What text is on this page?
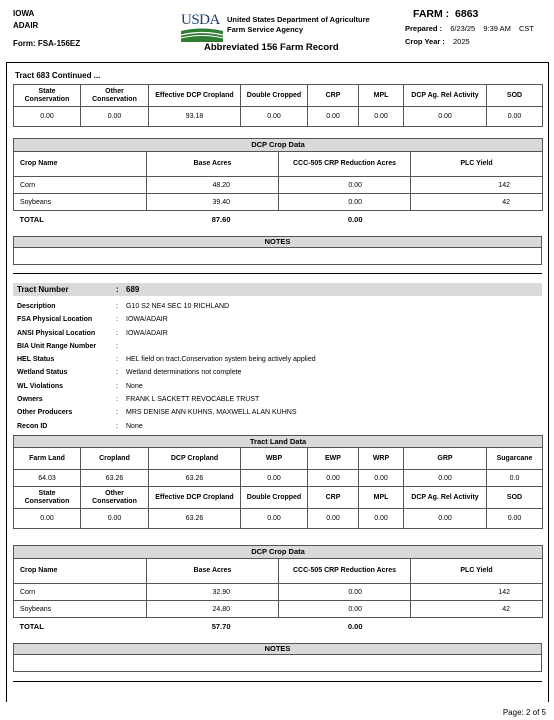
IOWA
ADAIR
Form: FSA-156EZ
USDA United States Department of Agriculture
Farm Service Agency
Abbreviated 156 Farm Record
FARM : 6863
Prepared : 6/23/25 9:39 AM CST
Crop Year : 2025
Tract 683 Continued ...
State Conservation	Other Conservation	Effective DCP Cropland	Double Cropped	CRP	MPL	DCP Ag. Rel Activity	SOD
0.00	0.00	93.18	0.00	0.00	0.00	0.00	0.00
DCP Crop Data			
Crop Name	Base Acres	CCC-505 CRP Reduction Acres	PLC Yield
Corn	48.20	0.00	142
Soybeans	39.40	0.00	42
TOTAL	87.60	0.00	
NOTES
Tract Number	: 689
Description	: G10 S2 NE4 SEC 10 RICHLAND
FSA Physical Location	: IOWA/ADAIR
ANSI Physical Location	: IOWA/ADAIR
BIA Unit Range Number	:
HEL Status	: HEL field on tract.Conservation system being actively applied
Wetland Status	: Wetland determinations not complete
WL Violations	: None
Owners	: FRANK L SACKETT REVOCABLE TRUST
Other Producers	: MRS DENISE ANN KUHNS, MAXWELL ALAN KUHNS
Recon ID	: None
Tract Land Data							
Farm Land	Cropland	DCP Cropland	WBP	EWP	WRP	GRP	Sugarcane
64.03	63.26	63.26	0.00	0.00	0.00	0.00	0.0
State Conservation	Other Conservation	Effective DCP Cropland	Double Cropped	CRP	MPL	DCP Ag. Rel Activity	SOD
0.00	0.00	63.26	0.00	0.00	0.00	0.00	0.00
DCP Crop Data			
Crop Name	Base Acres	CCC-505 CRP Reduction Acres	PLC Yield
Corn	32.90	0.00	142
Soybeans	24.80	0.00	42
TOTAL	57.70	0.00	
NOTES
Page: 2 of 5
